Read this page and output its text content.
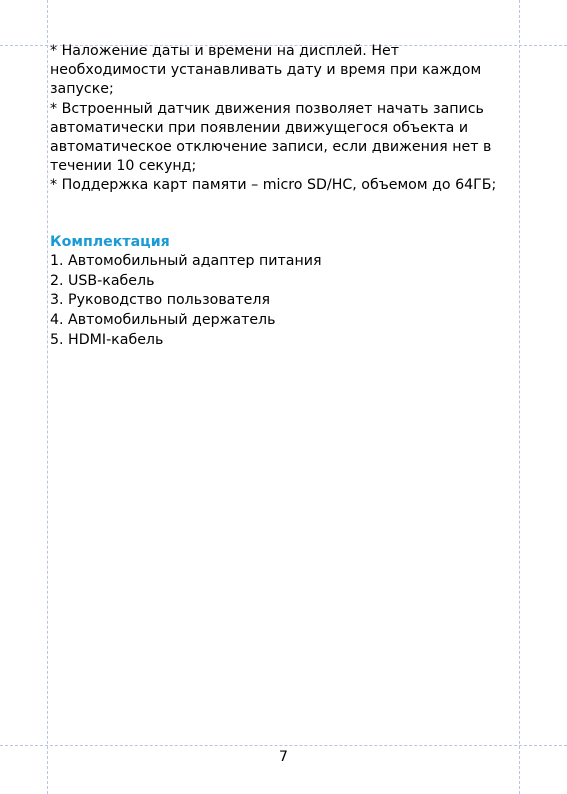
* Наложение даты и времени на дисплей. Нет необходимости устанавливать дату и время при каждом запуске;

* Встроенный датчик движения позволяет начать запись автоматически при появлении движущегося объекта и автоматическое отключение записи, если движения нет в течении 10 секунд;

* Поддержка карт памяти – micro SD/HC, объемом до 64ГБ;

Комплектация
1. Автомобильный адаптер питания
2. USB-кабель
3. Руководство пользователя
4. Автомобильный держатель
5. HDMI-кабель
7
